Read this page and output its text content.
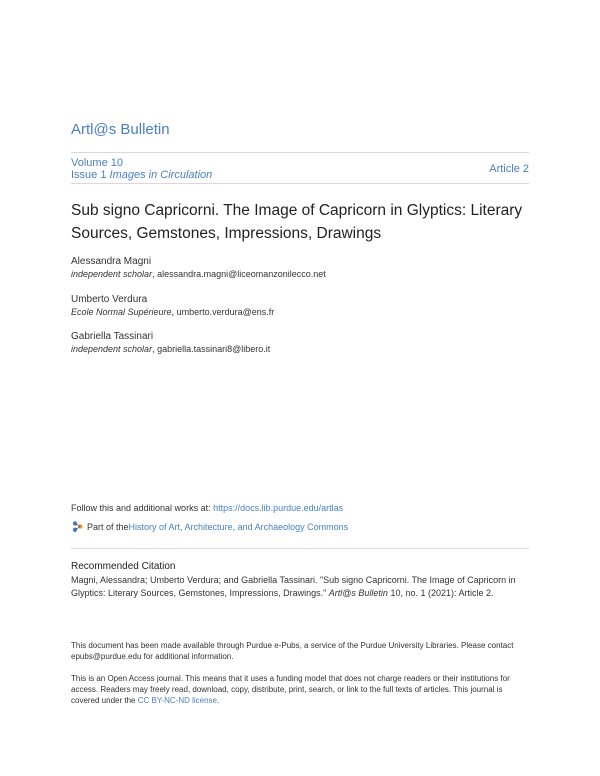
Artl@s Bulletin
Volume 10
Issue 1 Images in Circulation	Article 2
Sub signo Capricorni. The Image of Capricorn in Glyptics: Literary Sources, Gemstones, Impressions, Drawings
Alessandra Magni
independent scholar, alessandra.magni@liceomanzonilecco.net
Umberto Verdura
Ecole Normal Supérieure, umberto.verdura@ens.fr
Gabriella Tassinari
independent scholar, gabriella.tassinari8@libero.it
Follow this and additional works at: https://docs.lib.purdue.edu/artlas
Part of the History of Art, Architecture, and Archaeology Commons
Recommended Citation
Magni, Alessandra; Umberto Verdura; and Gabriella Tassinari. "Sub signo Capricorni. The Image of Capricorn in Glyptics: Literary Sources, Gemstones, Impressions, Drawings." Artl@s Bulletin 10, no. 1 (2021): Article 2.
This document has been made available through Purdue e-Pubs, a service of the Purdue University Libraries. Please contact epubs@purdue.edu for additional information.
This is an Open Access journal. This means that it uses a funding model that does not charge readers or their institutions for access. Readers may freely read, download, copy, distribute, print, search, or link to the full texts of articles. This journal is covered under the CC BY-NC-ND license.
